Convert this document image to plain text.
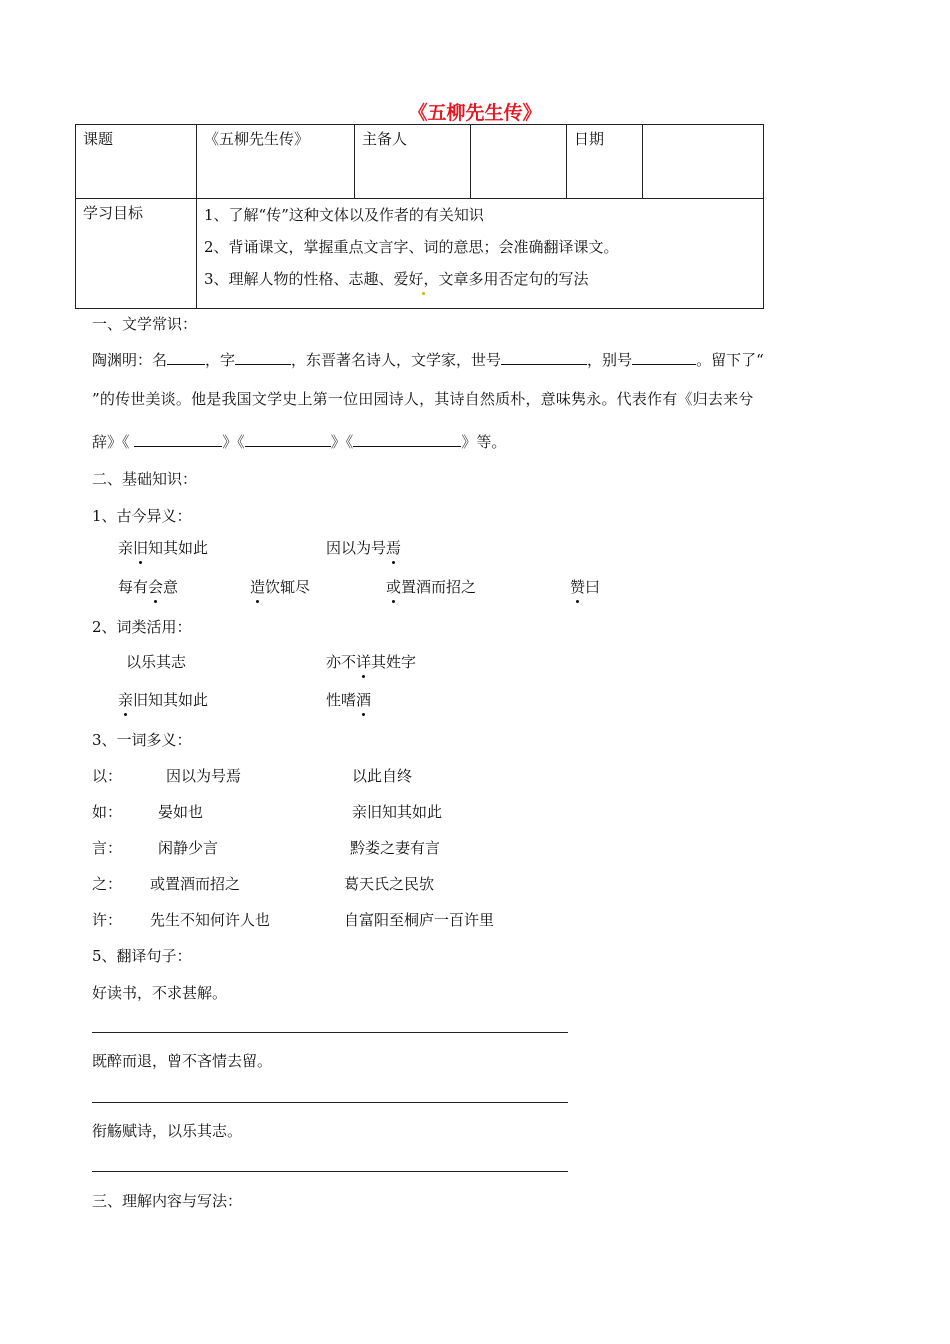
《五柳先生传》
课题	《五柳先生传》	主备人		日期	
学习目标	1、了解“传”这种文体以及作者的有关知识
2、背诵课文，掌握重点文言字、词的意思；会准确翻译课文。
3、理解人物的性格、志趣、爱好，文章多用否定句的写法				
一、文学常识：
陶渊明：名	，字	，东晋著名诗人，文学家，世号	，别号	。留下了“
”的传世美谈。他是我国文学史上第一位田园诗人，其诗自然质朴，意味隽永。代表作有《归去来兮
辞》《	》《	》《	》等。
二、基础知识：
1、古今异义：
亲旧知其如此	因以为号焉
每有会意	造饮辄尽	或置酒而招之	赞曰
2、词类活用：
以乐其志	亦不详其姓字
亲旧知其如此	性嗜酒
3、一词多义：
以：	因以为号焉	以此自终
如： 晏如也	亲旧知其如此
言： 闲静少言	黔娄之妻有言
之： 或置酒而招之	葛天氏之民欤
许： 先生不知何许人也	自富阳至桐庐一百许里
5、翻译句子：
好读书，不求甚解。
既醉而退，曾不吝情去留。
衔觞赋诗，以乐其志。
三、理解内容与写法：
